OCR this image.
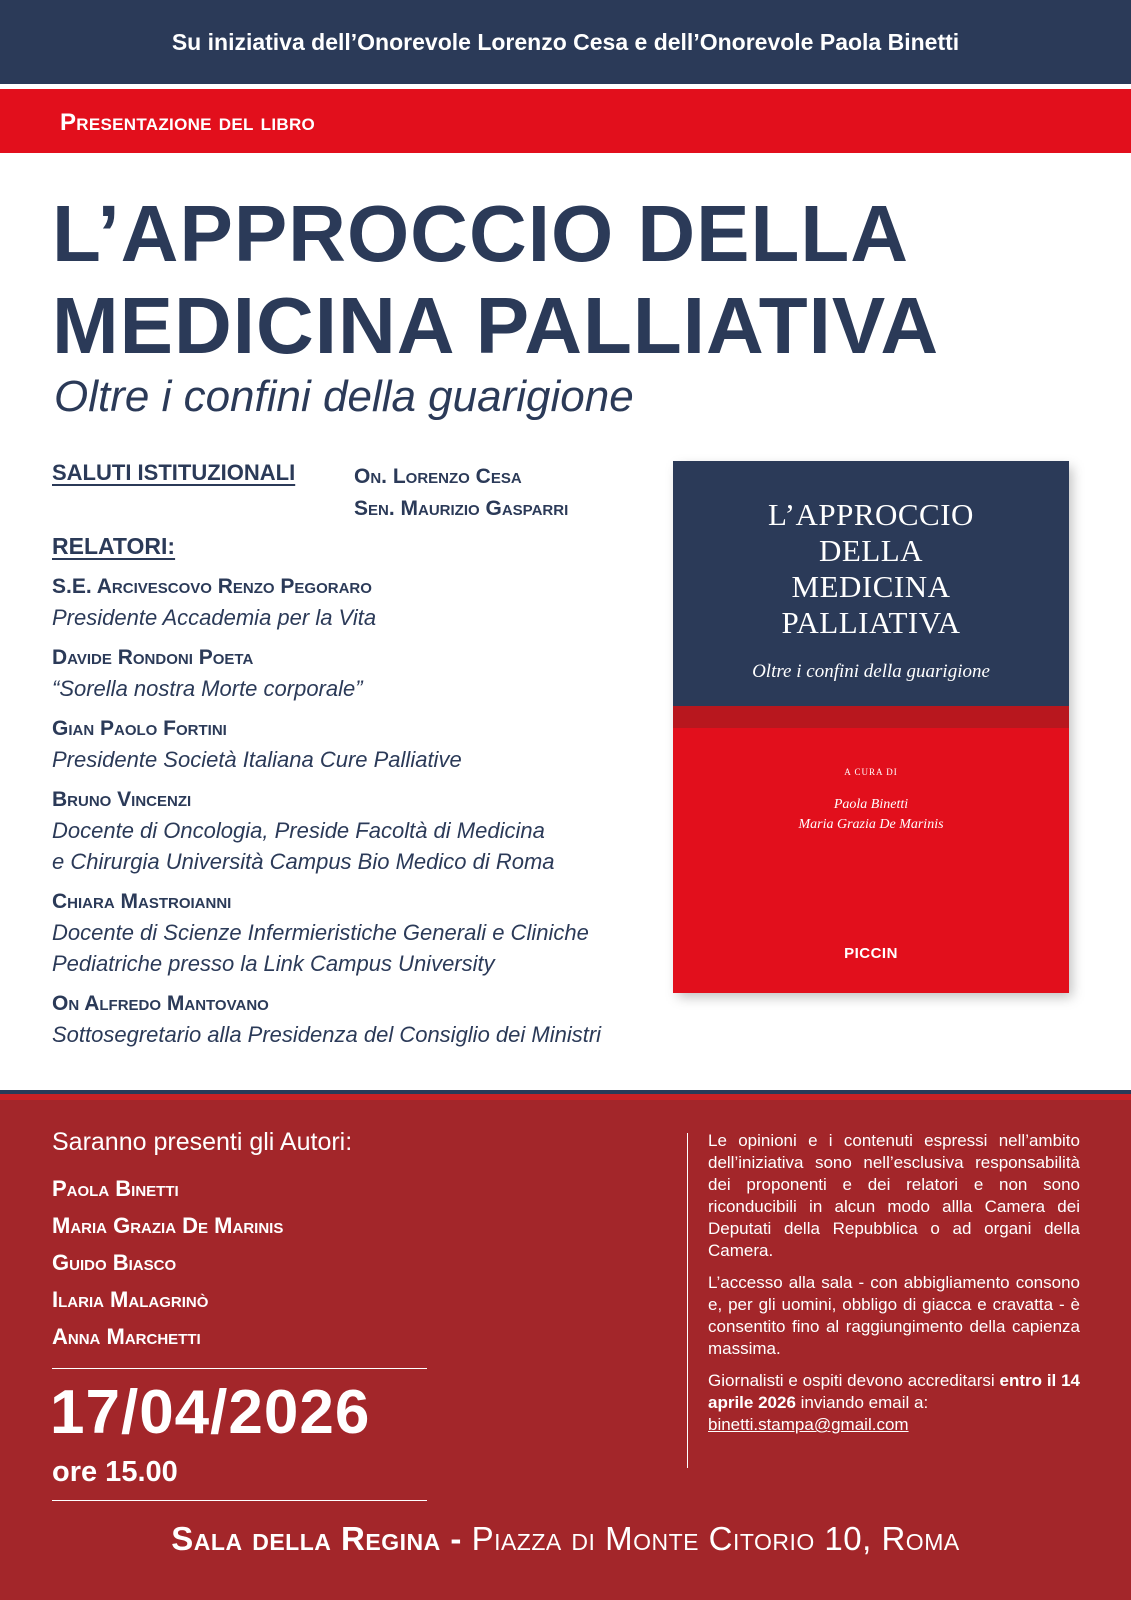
Su iniziativa dell’Onorevole Lorenzo Cesa e dell’Onorevole Paola Binetti
Presentazione del libro
L’APPROCCIO DELLA
MEDICINA PALLIATIVA
Oltre i confini della guarigione
SALUTI ISTITUZIONALI	On. Lorenzo Cesa
Sen. Maurizio Gasparri
RELATORI:
S.E. Arcivescovo Renzo Pegoraro
Presidente Accademia per la Vita
Davide Rondoni Poeta
“Sorella nostra Morte corporale”
Gian Paolo Fortini
Presidente Società Italiana Cure Palliative
Bruno Vincenzi
Docente di Oncologia, Preside Facoltà di Medicina
e Chirurgia Università Campus Bio Medico di Roma
Chiara Mastroianni
Docente di Scienze Infermieristiche Generali e Cliniche
Pediatriche presso la Link Campus University
On Alfredo Mantovano
Sottosegretario alla Presidenza del Consiglio dei Ministri
L’APPROCCIO
DELLA
MEDICINA
PALLIATIVA
Oltre i confini della guarigione
A CURA DI
Paola Binetti
Maria Grazia De Marinis
PICCIN
Saranno presenti gli Autori:
Paola Binetti
Maria Grazia De Marinis
Guido Biasco
Ilaria Malagrinò
Anna Marchetti
17/04/2026
ore 15.00

Le opinioni e i contenuti espressi nell’ambito dell’iniziativa sono nell’esclusiva responsabilità dei proponenti e dei relatori e non sono riconducibili in alcun modo allla Camera dei Deputati della Repubblica o ad organi della Camera.

L’accesso alla sala - con abbigliamento consono e, per gli uomini, obbligo di giacca e cravatta - è consentito fino al raggiungimento della capienza massima.

Giornalisti e ospiti devono accreditarsi entro il 14 aprile 2026 inviando email a:
binetti.stampa@gmail.com

Sala della Regina - Piazza di Monte Citorio 10, Roma
